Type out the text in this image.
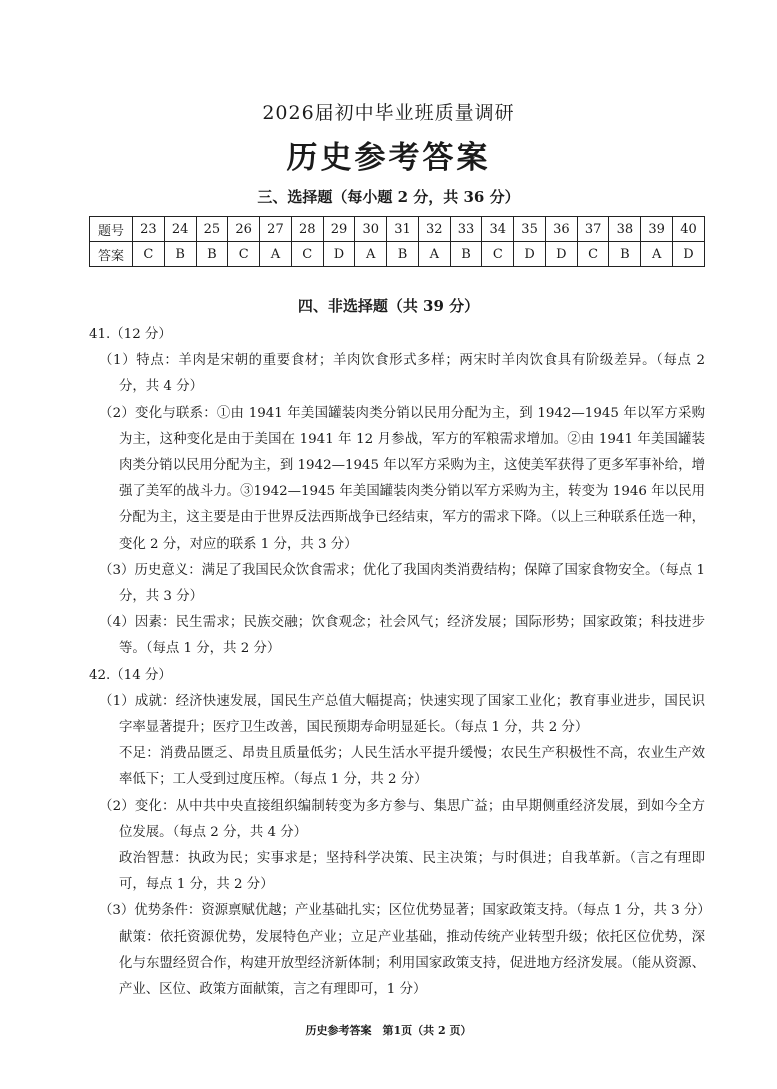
2026届初中毕业班质量调研
历史参考答案
三、选择题（每小题 2 分，共 36 分）
题号	23	24	25	26	27	28	29	30	31	32	33	34	35	36	37	38	39	40
答案	C	B	B	C	A	C	D	A	B	A	B	C	D	D	C	B	A	D
四、非选择题（共 39 分）

41.（12 分）

（1）特点：羊肉是宋朝的重要食材；羊肉饮食形式多样；两宋时羊肉饮食具有阶级差异。（每点 2 分，共 4 分）

（2）变化与联系：①由 1941 年美国罐装肉类分销以民用分配为主，到 1942—1945 年以军方采购为主，这种变化是由于美国在 1941 年 12 月参战，军方的军粮需求增加。②由 1941 年美国罐装肉类分销以民用分配为主，到 1942—1945 年以军方采购为主，这使美军获得了更多军事补给，增强了美军的战斗力。③1942—1945 年美国罐装肉类分销以军方采购为主，转变为 1946 年以民用分配为主，这主要是由于世界反法西斯战争已经结束，军方的需求下降。（以上三种联系任选一种，变化 2 分，对应的联系 1 分，共 3 分）

（3）历史意义：满足了我国民众饮食需求；优化了我国肉类消费结构；保障了国家食物安全。（每点 1 分，共 3 分）

（4）因素：民生需求；民族交融；饮食观念；社会风气；经济发展；国际形势；国家政策；科技进步等。（每点 1 分，共 2 分）

42.（14 分）

（1）成就：经济快速发展，国民生产总值大幅提高；快速实现了国家工业化；教育事业进步，国民识字率显著提升；医疗卫生改善，国民预期寿命明显延长。（每点 1 分，共 2 分）

不足：消费品匮乏、昂贵且质量低劣；人民生活水平提升缓慢；农民生产积极性不高，农业生产效率低下；工人受到过度压榨。（每点 1 分，共 2 分）

（2）变化：从中共中央直接组织编制转变为多方参与、集思广益；由早期侧重经济发展，到如今全方位发展。（每点 2 分，共 4 分）

政治智慧：执政为民；实事求是；坚持科学决策、民主决策；与时俱进；自我革新。（言之有理即可，每点 1 分，共 2 分）

（3）优势条件：资源禀赋优越；产业基础扎实；区位优势显著；国家政策支持。（每点 1 分，共 3 分）

献策：依托资源优势，发展特色产业；立足产业基础，推动传统产业转型升级；依托区位优势，深化与东盟经贸合作，构建开放型经济新体制；利用国家政策支持，促进地方经济发展。（能从资源、产业、区位、政策方面献策，言之有理即可，1 分）

历史参考答案　第1页（共 2 页）
